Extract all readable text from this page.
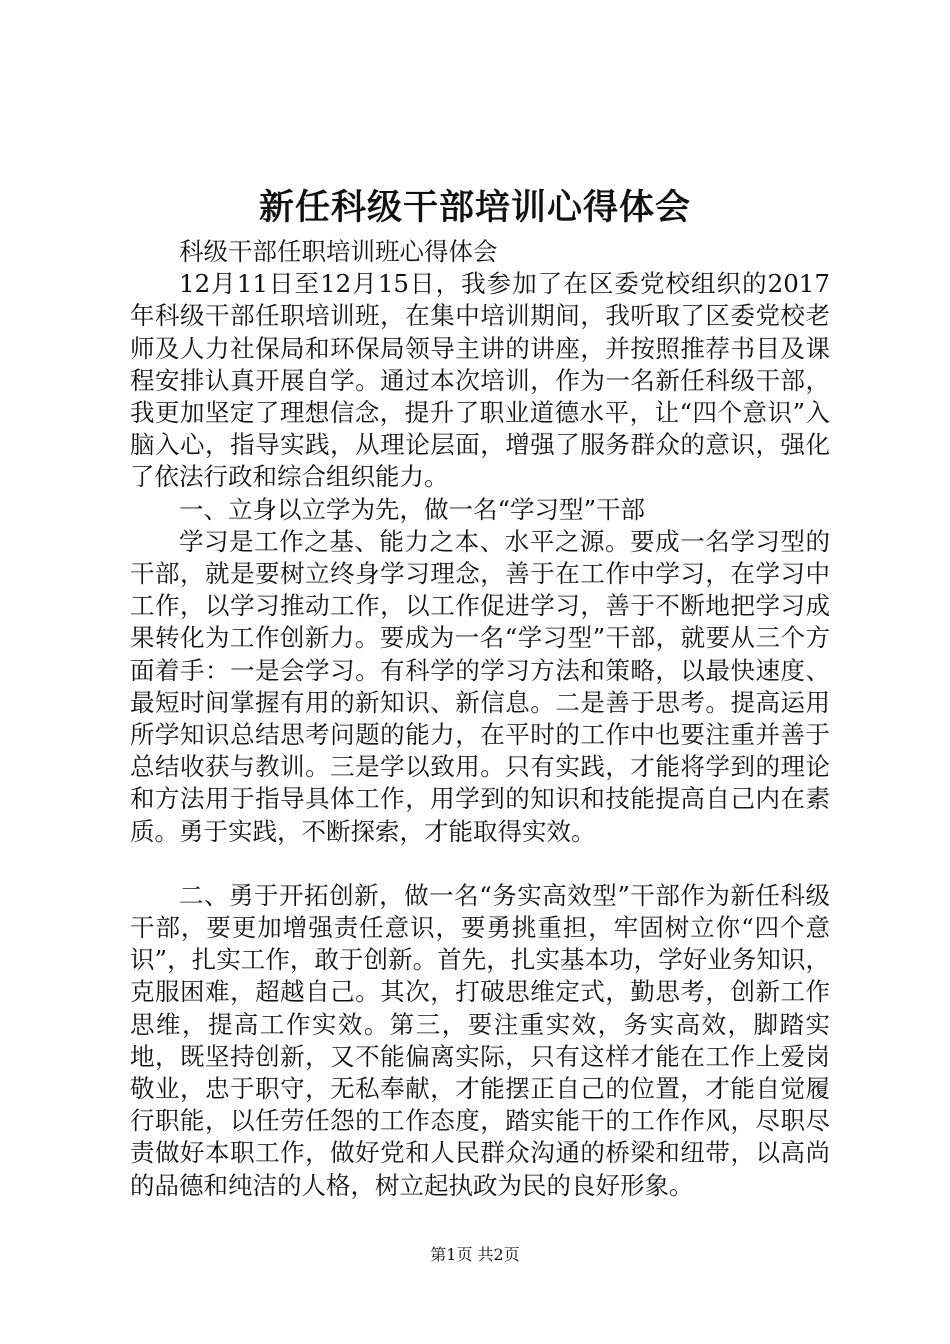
新任科级干部培训心得体会

科级干部任职培训班心得体会

12月11日至12月15日，我参加了在区委党校组织的2017年科级干部任职培训班，在集中培训期间，我听取了区委党校老师及人力社保局和环保局领导主讲的讲座，并按照推荐书目及课程安排认真开展自学。通过本次培训，作为一名新任科级干部，我更加坚定了理想信念，提升了职业道德水平，让“四个意识”入脑入心，指导实践，从理论层面，增强了服务群众的意识，强化了依法行政和综合组织能力。

一、立身以立学为先，做一名“学习型”干部

学习是工作之基、能力之本、水平之源。要成一名学习型的干部，就是要树立终身学习理念，善于在工作中学习，在学习中工作，以学习推动工作，以工作促进学习，善于不断地把学习成果转化为工作创新力。要成为一名“学习型”干部，就要从三个方面着手：一是会学习。有科学的学习方法和策略，以最快速度、最短时间掌握有用的新知识、新信息。二是善于思考。提高运用所学知识总结思考问题的能力，在平时的工作中也要注重并善于总结收获与教训。三是学以致用。只有实践，才能将学到的理论和方法用于指导具体工作，用学到的知识和技能提高自己内在素质。勇于实践，不断探索，才能取得实效。

二、勇于开拓创新，做一名“务实高效型”干部作为新任科级干部，要更加增强责任意识，要勇挑重担，牢固树立你“四个意识”，扎实工作，敢于创新。首先，扎实基本功，学好业务知识，克服困难，超越自己。其次，打破思维定式，勤思考，创新工作思维，提高工作实效。第三，要注重实效，务实高效，脚踏实地，既坚持创新，又不能偏离实际，只有这样才能在工作上爱岗敬业，忠于职守，无私奉献，才能摆正自己的位置，才能自觉履行职能，以任劳任怨的工作态度，踏实能干的工作作风，尽职尽责做好本职工作，做好党和人民群众沟通的桥梁和纽带，以高尚的品德和纯洁的人格，树立起执政为民的良好形象。

第1页 共2页
